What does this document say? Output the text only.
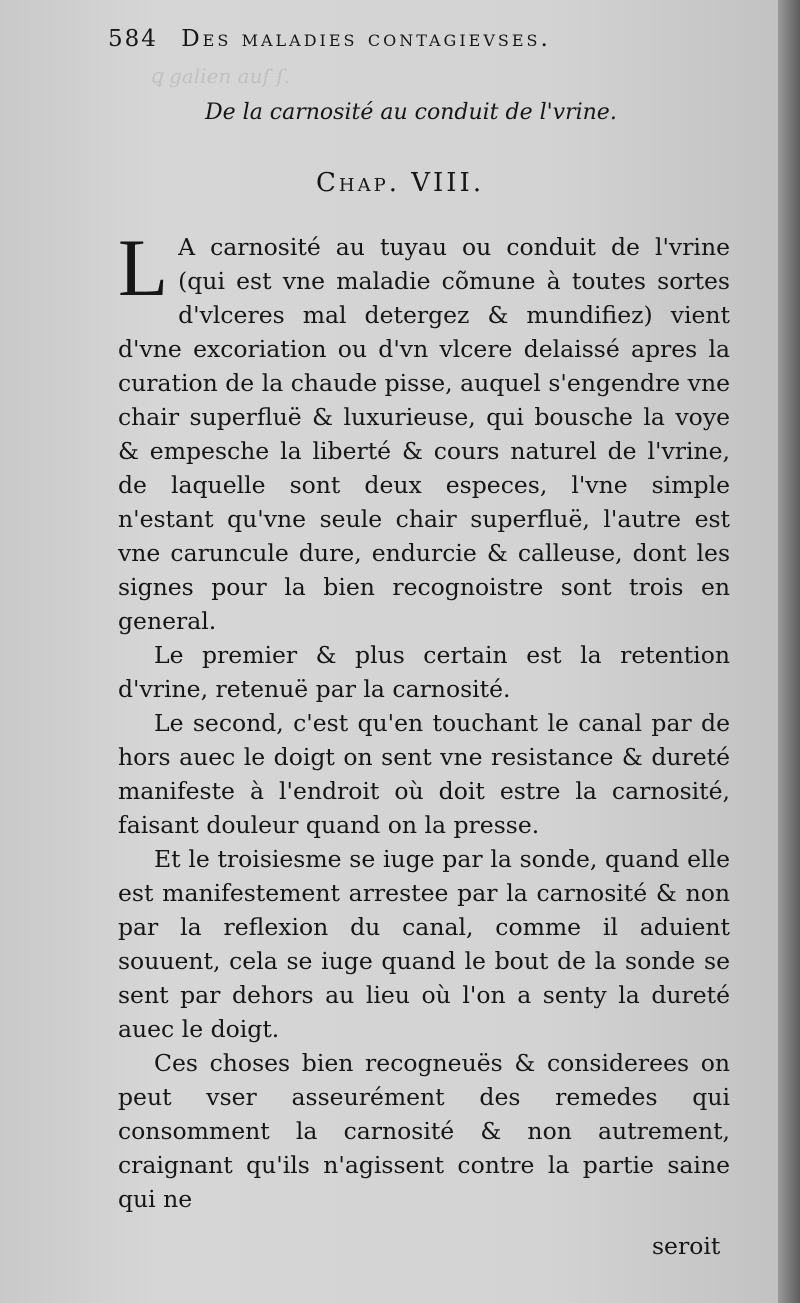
ꝗ galien auſ ſ.
584 Des maladies contagievses.
De la carnosité au conduit de l'vrine.
Chap. VIII.

L A carnosité au tuyau ou conduit de l'vrine (qui est vne maladie cõmune à toutes sortes d'vlceres mal detergez & mundifiez) vient d'vne excoriation ou d'vn vlcere delaissé apres la curation de la chaude pisse, auquel s'engendre vne chair superfluë & luxurieuse, qui bousche la voye & empesche la liberté & cours naturel de l'vrine, de laquelle sont deux especes, l'vne simple n'estant qu'vne seule chair superfluë, l'autre est vne caruncule dure, endurcie & calleuse, dont les signes pour la bien recognoistre sont trois en general.

Le premier & plus certain est la retention d'vrine, retenuë par la carnosité.

Le second, c'est qu'en touchant le canal par de hors auec le doigt on sent vne resistance & dureté manifeste à l'endroit où doit estre la carnosité, faisant douleur quand on la presse.

Et le troisiesme se iuge par la sonde, quand elle est manifestement arrestee par la carnosité & non par la reflexion du canal, comme il aduient souuent, cela se iuge quand le bout de la sonde se sent par dehors au lieu où l'on a senty la dureté auec le doigt.

Ces choses bien recogneuës & considerees on peut vser asseurément des remedes qui consomment la carnosité & non autrement, craignant qu'ils n'agissent contre la partie saine qui ne

seroit
